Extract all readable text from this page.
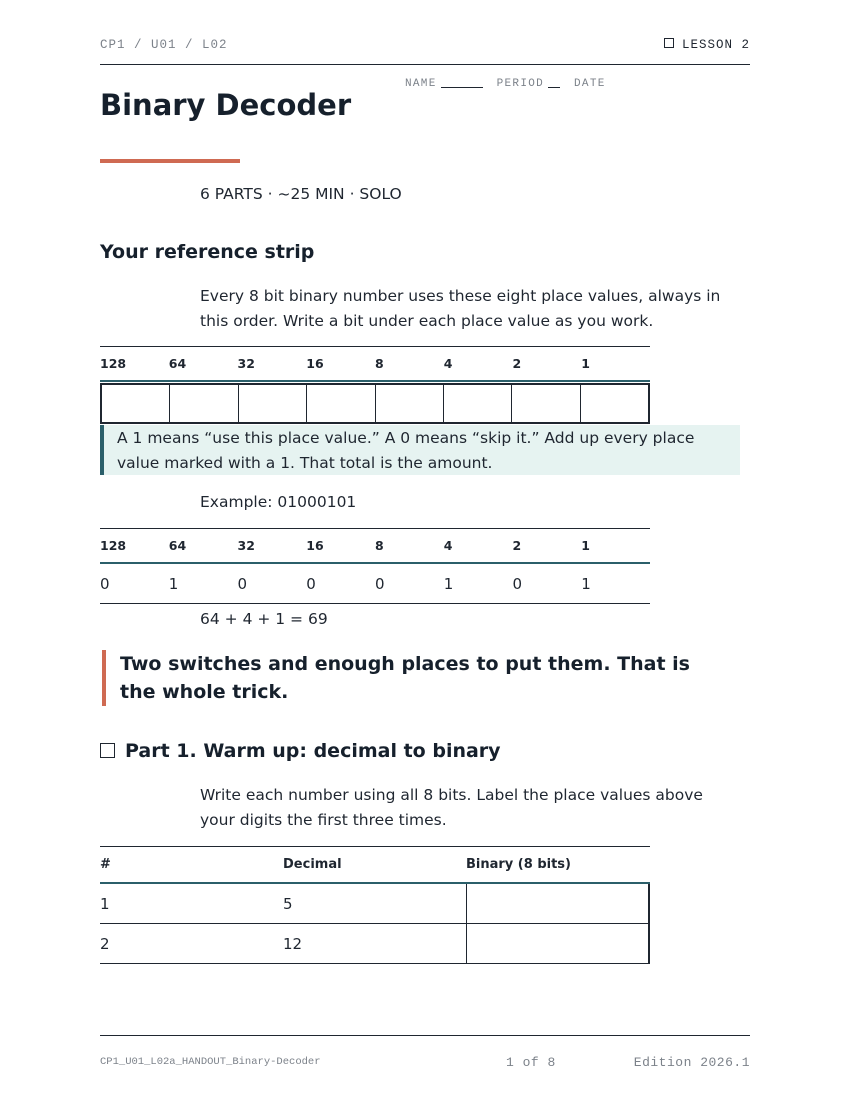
CP1 / U01 / L02	LESSON 2
NAME	PERIOD	DATE
Binary Decoder
6 PARTS · ~25 MIN · SOLO
Your reference strip
Every 8 bit binary number uses these eight place values, always in this order. Write a bit under each place value as you work.
128	64	32	16	8	4	2	1
A 1 means “use this place value.” A 0 means “skip it.” Add up every place value marked with a 1. That total is the amount.
Example: 01000101
128	64	32	16	8	4	2	1
0	1	0	0	0	1	0	1
64 + 4 + 1 = 69
Two switches and enough places to put them. That is the whole trick.
Part 1. Warm up: decimal to binary
Write each number using all 8 bits. Label the place values above your digits the first three times.
#	Decimal	Binary (8 bits)
1	5
2	12
CP1_U01_L02a_HANDOUT_Binary-Decoder	1 of 8	Edition 2026.1
